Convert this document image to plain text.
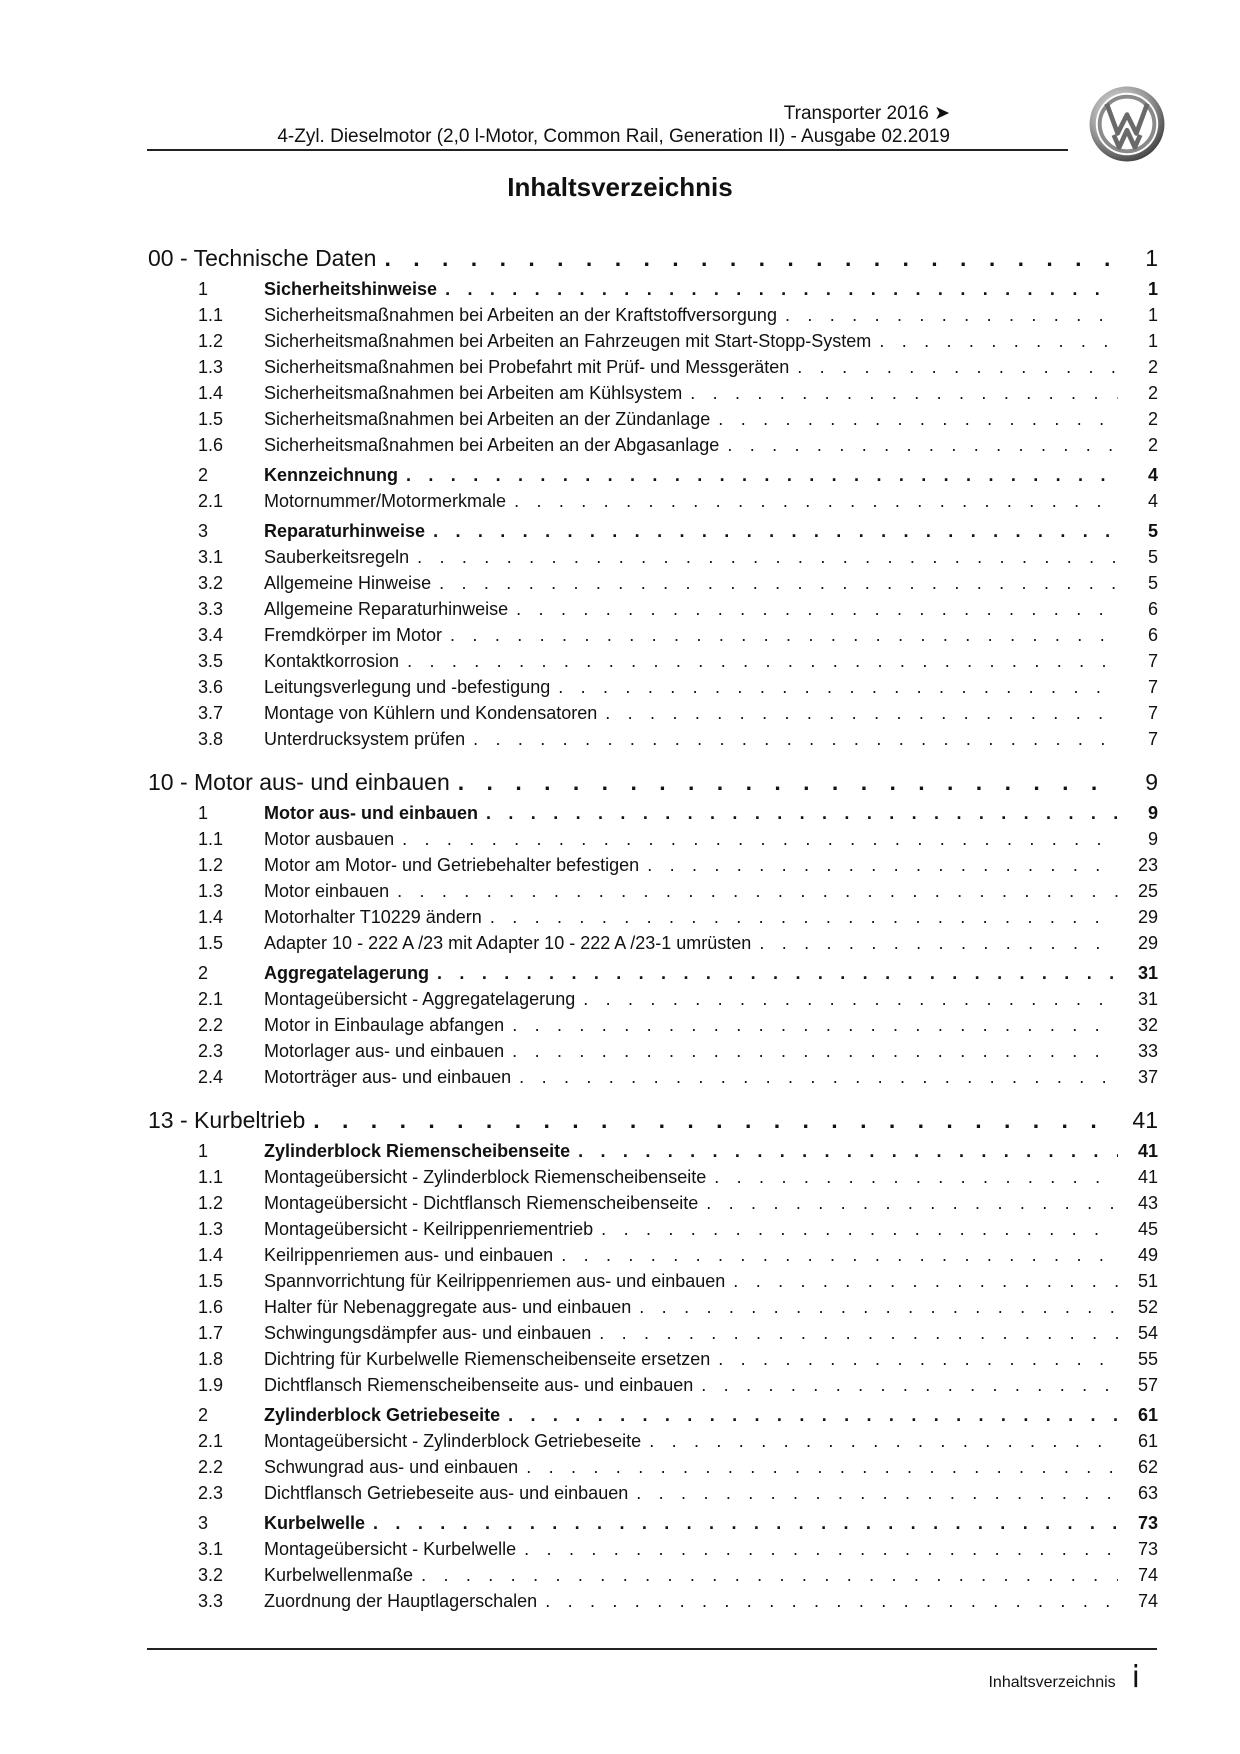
Transporter 2016 ➤
4-Zyl. Dieselmotor (2,0 l-Motor, Common Rail, Generation II) - Ausgabe 02.2019
Inhaltsverzeichnis
00 - Technische Daten . . .	1
1	Sicherheitshinweise . . .	1
1.1	Sicherheitsmaßnahmen bei Arbeiten an der Kraftstoffversorgung . . .	1
1.2	Sicherheitsmaßnahmen bei Arbeiten an Fahrzeugen mit Start-Stopp-System . . .	1
1.3	Sicherheitsmaßnahmen bei Probefahrt mit Prüf- und Messgeräten . . .	2
1.4	Sicherheitsmaßnahmen bei Arbeiten am Kühlsystem . . .	2
1.5	Sicherheitsmaßnahmen bei Arbeiten an der Zündanlage . . .	2
1.6	Sicherheitsmaßnahmen bei Arbeiten an der Abgasanlage . . .	2
2	Kennzeichnung . . .	4
2.1	Motornummer/Motormerkmale . . .	4
3	Reparaturhinweise . . .	5
3.1	Sauberkeitsregeln . . .	5
3.2	Allgemeine Hinweise . . .	5
3.3	Allgemeine Reparaturhinweise . . .	6
3.4	Fremdkörper im Motor . . .	6
3.5	Kontaktkorrosion . . .	7
3.6	Leitungsverlegung und -befestigung . . .	7
3.7	Montage von Kühlern und Kondensatoren . . .	7
3.8	Unterdrucksystem prüfen . . .	7
10 - Motor aus- und einbauen . . .	9
1	Motor aus- und einbauen . . .	9
1.1	Motor ausbauen . . .	9
1.2	Motor am Motor- und Getriebehalter befestigen . . .	23
1.3	Motor einbauen . . .	25
1.4	Motorhalter T10229 ändern . . .	29
1.5	Adapter 10 - 222 A /23 mit Adapter 10 - 222 A /23-1 umrüsten . . .	29
2	Aggregatelagerung . . .	31
2.1	Montageübersicht - Aggregatelagerung . . .	31
2.2	Motor in Einbaulage abfangen . . .	32
2.3	Motorlager aus- und einbauen . . .	33
2.4	Motorträger aus- und einbauen . . .	37
13 - Kurbeltrieb . . .	41
1	Zylinderblock Riemenscheibenseite . . .	41
1.1	Montageübersicht - Zylinderblock Riemenscheibenseite . . .	41
1.2	Montageübersicht - Dichtflansch Riemenscheibenseite . . .	43
1.3	Montageübersicht - Keilrippenriementrieb . . .	45
1.4	Keilrippenriemen aus- und einbauen . . .	49
1.5	Spannvorrichtung für Keilrippenriemen aus- und einbauen . . .	51
1.6	Halter für Nebenaggregate aus- und einbauen . . .	52
1.7	Schwingungsdämpfer aus- und einbauen . . .	54
1.8	Dichtring für Kurbelwelle Riemenscheibenseite ersetzen . . .	55
1.9	Dichtflansch Riemenscheibenseite aus- und einbauen . . .	57
2	Zylinderblock Getriebeseite . . .	61
2.1	Montageübersicht - Zylinderblock Getriebeseite . . .	61
2.2	Schwungrad aus- und einbauen . . .	62
2.3	Dichtflansch Getriebeseite aus- und einbauen . . .	63
3	Kurbelwelle . . .	73
3.1	Montageübersicht - Kurbelwelle . . .	73
3.2	Kurbelwellenmaße . . .	74
3.3	Zuordnung der Hauptlagerschalen . . .	74
Inhaltsverzeichnis i
